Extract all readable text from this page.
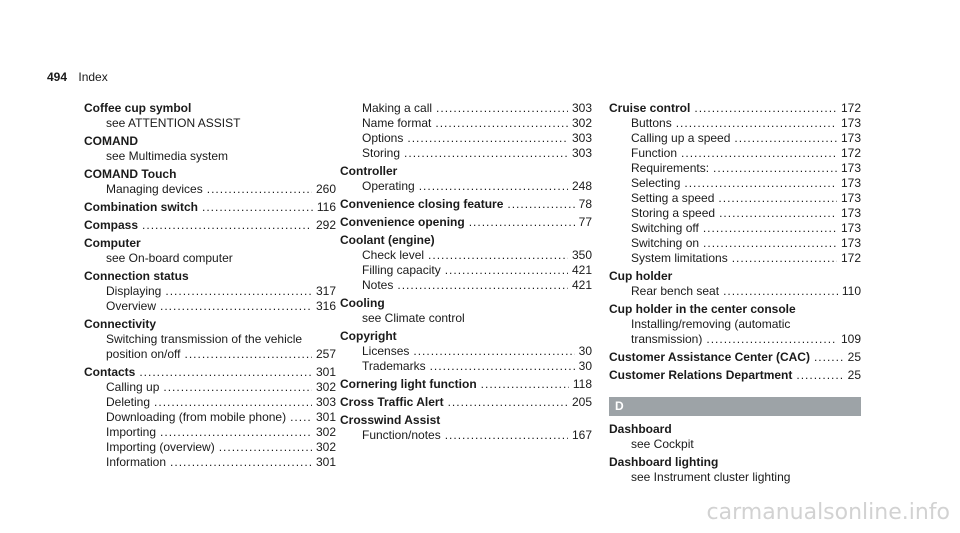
494 Index
Coffee cup symbol
see ATTENTION ASSIST
COMAND
see Multimedia system
COMAND Touch
Managing devices .....	260
Combination switch .....	116
Compass .....	292
Computer
see On-board computer
Connection status
Displaying .....	317
Overview .....	316
Connectivity
Switching transmission of the vehicle
position on/off .....	257
Contacts .....	301
Calling up .....	302
Deleting .....	303
Downloading (from mobile phone) ..... 301
Importing .....	302
Importing (overview) .....	302
Information .....	301
Making a call .....	303
Name format .....	302
Options .....	303
Storing .....	303
Controller
Operating .....	248
Convenience closing feature .....	78
Convenience opening .....	77
Coolant (engine)
Check level .....	350
Filling capacity .....	421
Notes .....	421
Cooling
see Climate control
Copyright
Licenses .....	30
Trademarks .....	30
Cornering light function .....	118
Cross Traffic Alert .....	205
Crosswind Assist
Function/notes .....	167
Cruise control .....	172
Buttons .....	173
Calling up a speed .....	173
Function .....	172
Requirements: .....	173
Selecting .....	173
Setting a speed .....	173
Storing a speed .....	173
Switching off .....	173
Switching on .....	173
System limitations .....	172
Cup holder
Rear bench seat .....	110
Cup holder in the center console
Installing/removing (automatic
transmission) .....	109
Customer Assistance Center (CAC) .....	25
Customer Relations Department .....	25
D
Dashboard
see Cockpit
Dashboard lighting
see Instrument cluster lighting
carmanualsonline.info
